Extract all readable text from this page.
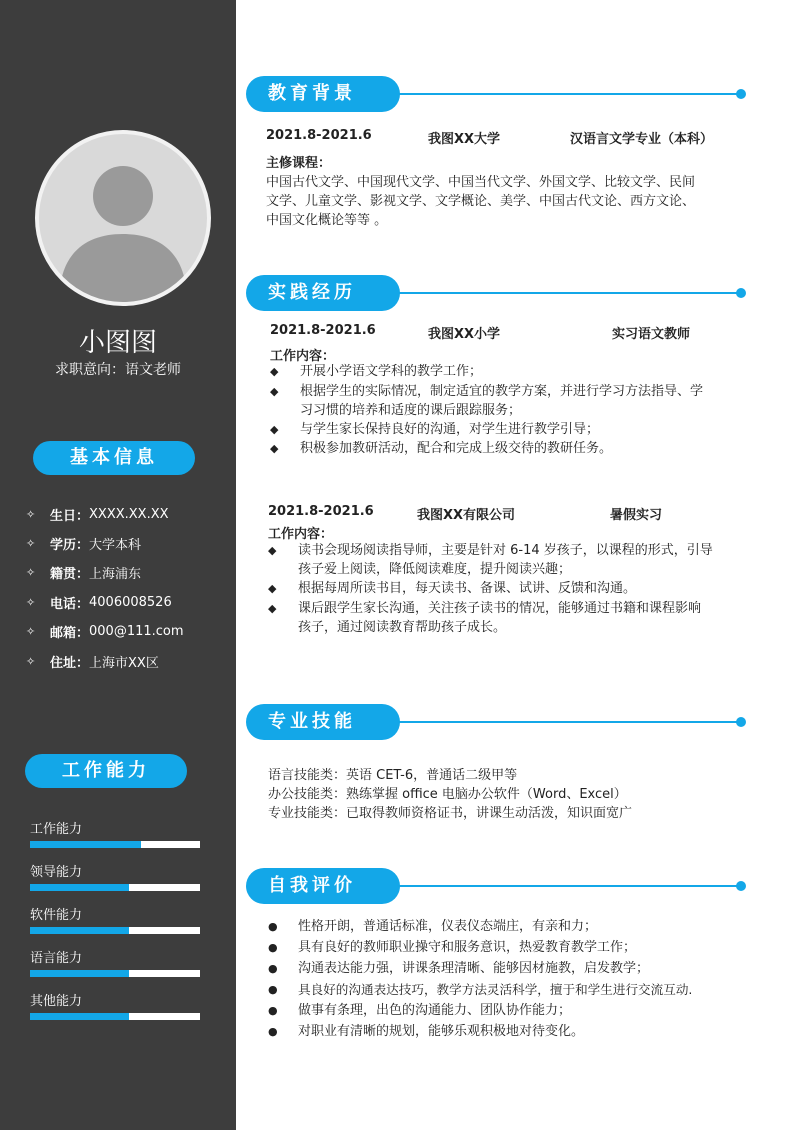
小图图
求职意向：语文老师
基本信息
✧	生日： XXXX.XX.XX
✧	学历： 大学本科
✧	籍贯： 上海浦东
✧	电话： 4006008526
✧	邮箱： 000@111.com
✧	住址： 上海市XX区
工作能力
工作能力
领导能力
软件能力
语言能力
其他能力
教育背景
2021.8-2021.6	我图XX大学	汉语言文学专业（本科）
主修课程：
中国古代文学、中国现代文学、中国当代文学、外国文学、比较文学、民间
文学、儿童文学、影视文学、文学概论、美学、中国古代文论、西方文论、
中国文化概论等等 。
实践经历
2021.8-2021.6	我图XX小学	实习语文教师
工作内容：
◆	开展小学语文学科的教学工作；
◆	根据学生的实际情况，制定适宜的教学方案，并进行学习方法指导、学
习习惯的培养和适度的课后跟踪服务；
◆	与学生家长保持良好的沟通，对学生进行教学引导；
◆	积极参加教研活动，配合和完成上级交待的教研任务。
2021.8-2021.6	我图XX有限公司	暑假实习
工作内容：
◆	读书会现场阅读指导师，主要是针对 6-14 岁孩子，以课程的形式，引导
孩子爱上阅读，降低阅读难度，提升阅读兴趣；
◆	根据每周所读书目，每天读书、备课、试讲、反馈和沟通。
◆	课后跟学生家长沟通，关注孩子读书的情况，能够通过书籍和课程影响
孩子，通过阅读教育帮助孩子成长。
专业技能
语言技能类：英语 CET-6，普通话二级甲等
办公技能类：熟练掌握 office 电脑办公软件（Word、Excel）
专业技能类：已取得教师资格证书，讲课生动活泼，知识面宽广
自我评价
●	性格开朗，普通话标准，仪表仪态端庄，有亲和力；
●	具有良好的教师职业操守和服务意识，热爱教育教学工作；
●	沟通表达能力强，讲课条理清晰、能够因材施教，启发教学；
●	具良好的沟通表达技巧，教学方法灵活科学，擅于和学生进行交流互动.
●	做事有条理，出色的沟通能力、团队协作能力；
●	对职业有清晰的规划，能够乐观积极地对待变化。
